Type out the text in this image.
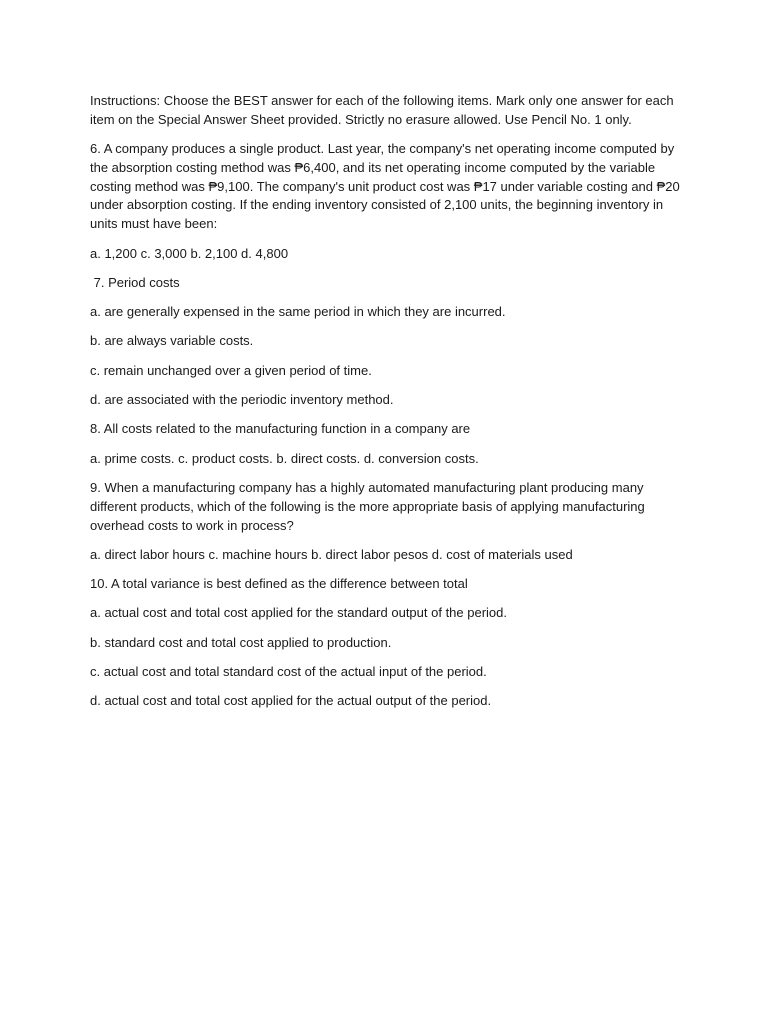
Instructions: Choose the BEST answer for each of the following items. Mark only one answer for each item on the Special Answer Sheet provided. Strictly no erasure allowed. Use Pencil No. 1 only.

6. A company produces a single product. Last year, the company's net operating income computed by the absorption costing method was ₱6,400, and its net operating income computed by the variable costing method was ₱9,100. The company's unit product cost was ₱17 under variable costing and ₱20 under absorption costing. If the ending inventory consisted of 2,100 units, the beginning inventory in units must have been:

a. 1,200 c. 3,000 b. 2,100 d. 4,800

7. Period costs

a. are generally expensed in the same period in which they are incurred.

b. are always variable costs.

c. remain unchanged over a given period of time.

d. are associated with the periodic inventory method.

8. All costs related to the manufacturing function in a company are

a. prime costs. c. product costs. b. direct costs. d. conversion costs.

9. When a manufacturing company has a highly automated manufacturing plant producing many different products, which of the following is the more appropriate basis of applying manufacturing overhead costs to work in process?

a. direct labor hours c. machine hours b. direct labor pesos d. cost of materials used

10. A total variance is best defined as the difference between total

a. actual cost and total cost applied for the standard output of the period.

b. standard cost and total cost applied to production.

c. actual cost and total standard cost of the actual input of the period.

d. actual cost and total cost applied for the actual output of the period.
